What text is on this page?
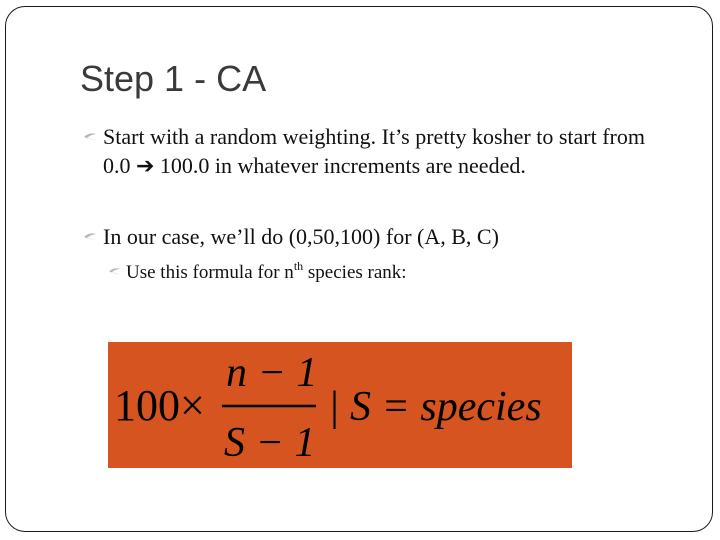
Step 1 - CA
Start with a random weighting. It’s pretty kosher to start from 0.0 ➔ 100.0 in whatever increments are needed.
In our case, we’ll do (0,50,100) for (A, B, C)
Use this formula for $n^{th}$ species rank:
100×
n − 1
S − 1
| S = species
